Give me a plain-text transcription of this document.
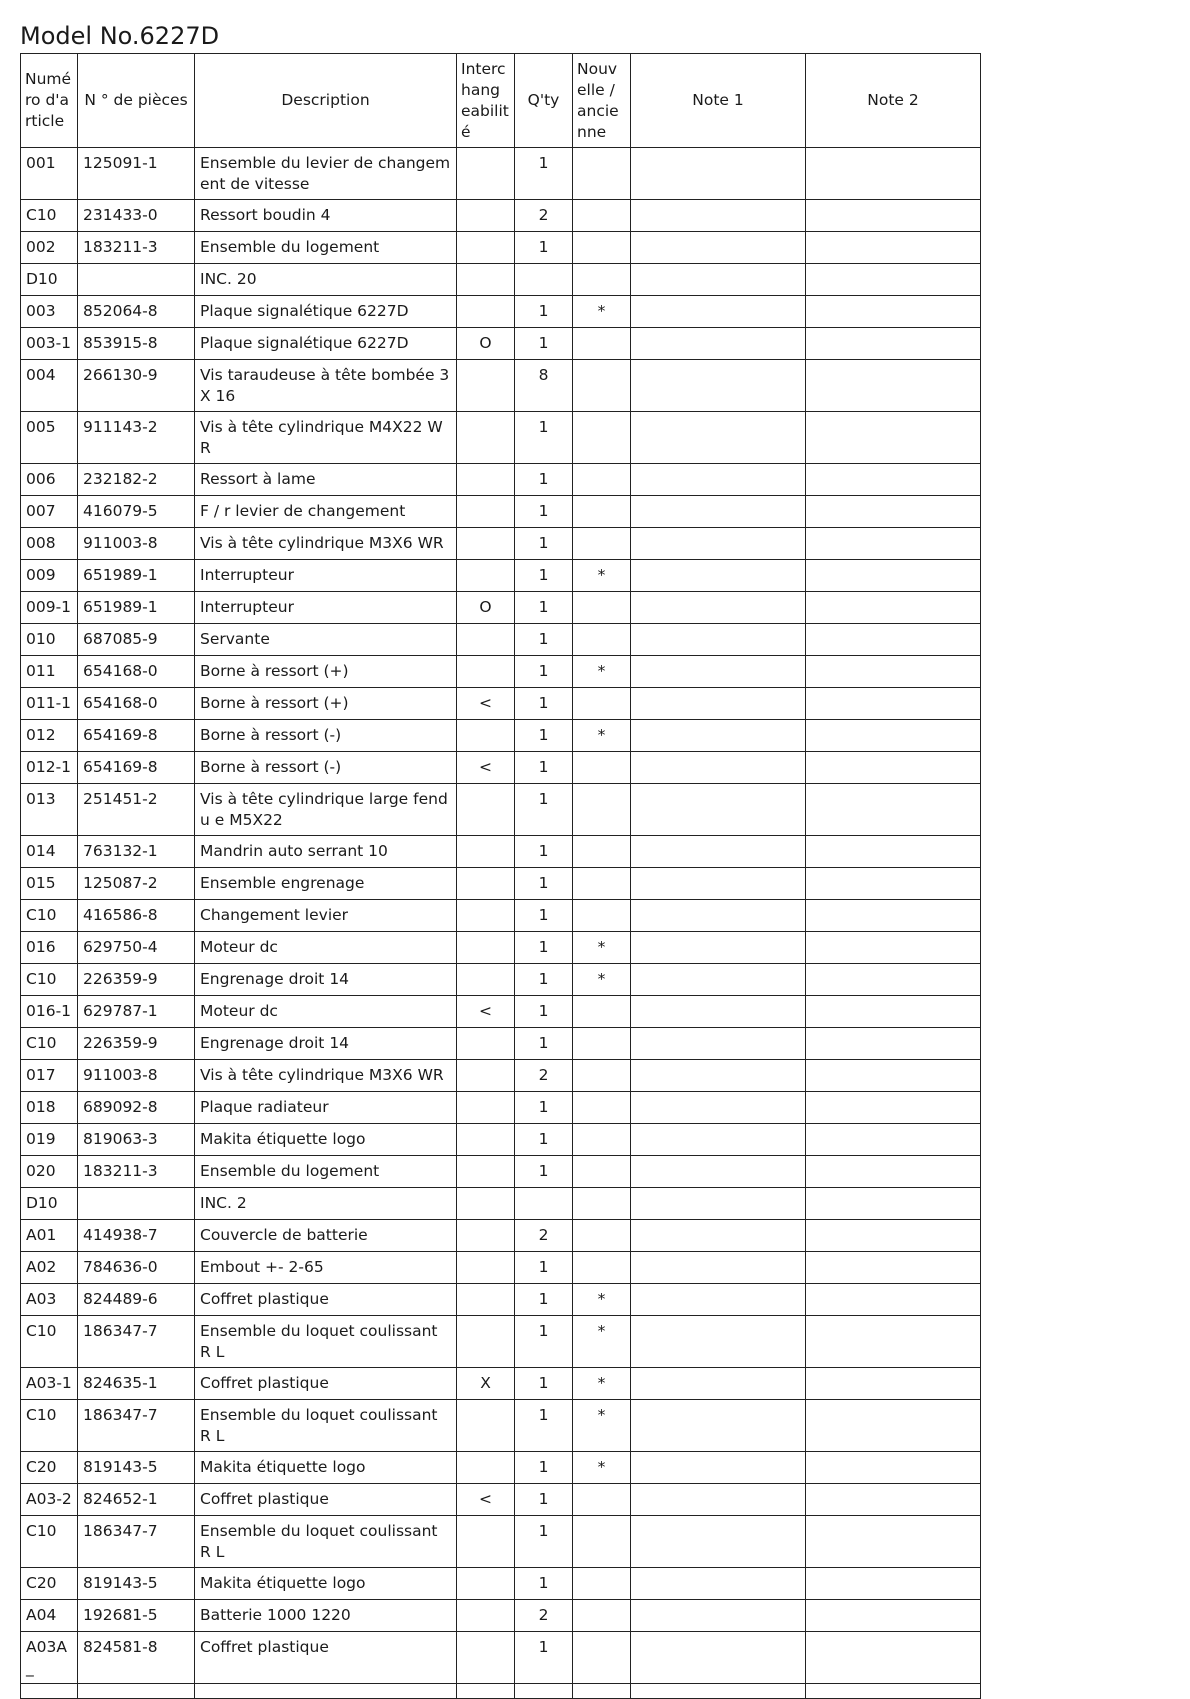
Model No.6227D
Numé ro d'a rticle	N ° de pièces	Description	Interc hang eabilit é	Q'ty	Nouv elle / ancie nne	Note 1	Note 2
001	125091-1	Ensemble du levier de changem ent de vitesse		1			
C10	231433-0	Ressort boudin 4		2			
002	183211-3	Ensemble du logement		1			
D10		INC. 20					
003	852064-8	Plaque signalétique 6227D		1	*		
003-1	853915-8	Plaque signalétique 6227D	O	1			
004	266130-9	Vis taraudeuse à tête bombée 3X 16		8			
005	911143-2	Vis à tête cylindrique M4X22 WR		1			
006	232182-2	Ressort à lame		1			
007	416079-5	F / r levier de changement		1			
008	911003-8	Vis à tête cylindrique M3X6 WR		1			
009	651989-1	Interrupteur		1	*		
009-1	651989-1	Interrupteur	O	1			
010	687085-9	Servante		1			
011	654168-0	Borne à ressort (+)		1	*		
011-1	654168-0	Borne à ressort (+)	<	1			
012	654169-8	Borne à ressort (-)		1	*		
012-1	654169-8	Borne à ressort (-)	<	1			
013	251451-2	Vis à tête cylindrique large fendu e M5X22		1			
014	763132-1	Mandrin auto serrant 10		1			
015	125087-2	Ensemble engrenage		1			
C10	416586-8	Changement levier		1			
016	629750-4	Moteur dc		1	*		
C10	226359-9	Engrenage droit 14		1	*		
016-1	629787-1	Moteur dc	<	1			
C10	226359-9	Engrenage droit 14		1			
017	911003-8	Vis à tête cylindrique M3X6 WR		2			
018	689092-8	Plaque radiateur		1			
019	819063-3	Makita étiquette logo		1			
020	183211-3	Ensemble du logement		1			
D10		INC. 2					
A01	414938-7	Couvercle de batterie		2			
A02	784636-0	Embout +- 2-65		1			
A03	824489-6	Coffret plastique		1	*		
C10	186347-7	Ensemble du loquet coulissant R L		1	*		
A03-1	824635-1	Coffret plastique	X	1	*		
C10	186347-7	Ensemble du loquet coulissant R L		1	*		
C20	819143-5	Makita étiquette logo		1	*		
A03-2	824652-1	Coffret plastique	<	1			
C10	186347-7	Ensemble du loquet coulissant R L		1			
C20	819143-5	Makita étiquette logo		1			
A04	192681-5	Batterie 1000 1220		2			
A03A_	824581-8	Coffret plastique		1			
